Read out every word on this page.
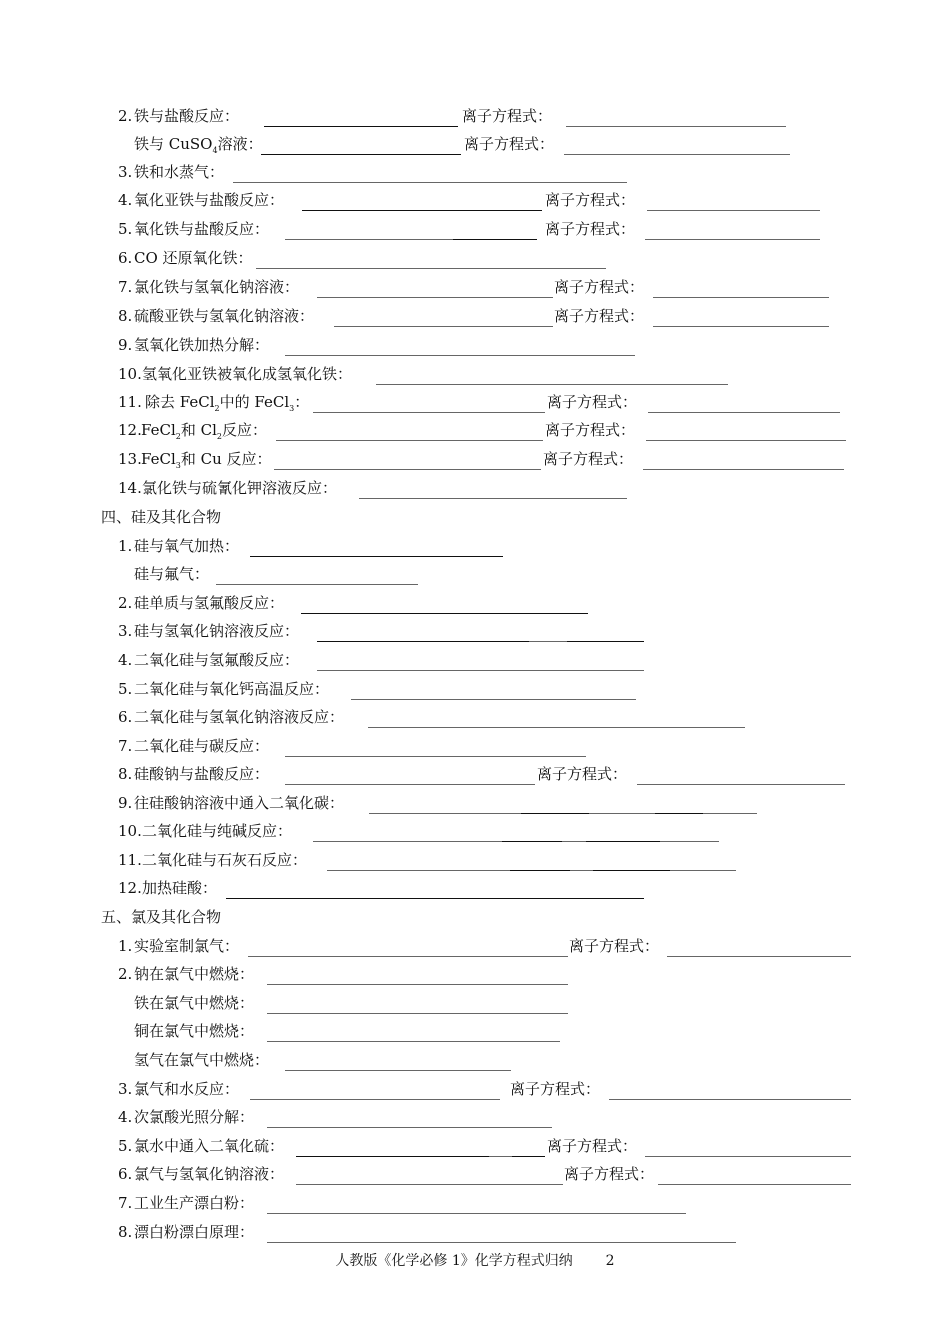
2. 铁与盐酸反应：	离子方程式：
铁与 CuSO$_4$溶液：	离子方程式：
3. 铁和水蒸气：
4. 氧化亚铁与盐酸反应：	离子方程式：
5. 氧化铁与盐酸反应：	离子方程式：
6. CO 还原氧化铁：
7. 氯化铁与氢氧化钠溶液：	离子方程式：
8. 硫酸亚铁与氢氧化钠溶液：	离子方程式：
9. 氢氧化铁加热分解：
10. 氢氧化亚铁被氧化成氢氧化铁：
11. 除去 FeCl$_2$中的 FeCl$_3$：	离子方程式：
12. FeCl$_2$和 $Cl_2$反应：	离子方程式：
13. FeCl$_3$和 Cu 反应：	离子方程式：
14. 氯化铁与硫氰化钾溶液反应：
四、硅及其化合物
1. 硅与氧气加热：
硅与氟气：
2. 硅单质与氢氟酸反应：
3. 硅与氢氧化钠溶液反应：
4. 二氧化硅与氢氟酸反应：
5. 二氧化硅与氧化钙高温反应：
6. 二氧化硅与氢氧化钠溶液反应：
7. 二氧化硅与碳反应：
8. 硅酸钠与盐酸反应：	离子方程式：
9. 往硅酸钠溶液中通入二氧化碳：
10. 二氧化硅与纯碱反应：
11. 二氧化硅与石灰石反应：
12. 加热硅酸：
五、氯及其化合物
1. 实验室制氯气：	离子方程式：
2. 钠在氯气中燃烧：
铁在氯气中燃烧：
铜在氯气中燃烧：
氢气在氯气中燃烧：
3. 氯气和水反应：	离子方程式：
4. 次氯酸光照分解：
5. 氯水中通入二氧化硫：	离子方程式：
6. 氯气与氢氧化钠溶液：	离子方程式：
7. 工业生产漂白粉：
8. 漂白粉漂白原理：
人教版《化学必修 1》化学方程式归纳 2
